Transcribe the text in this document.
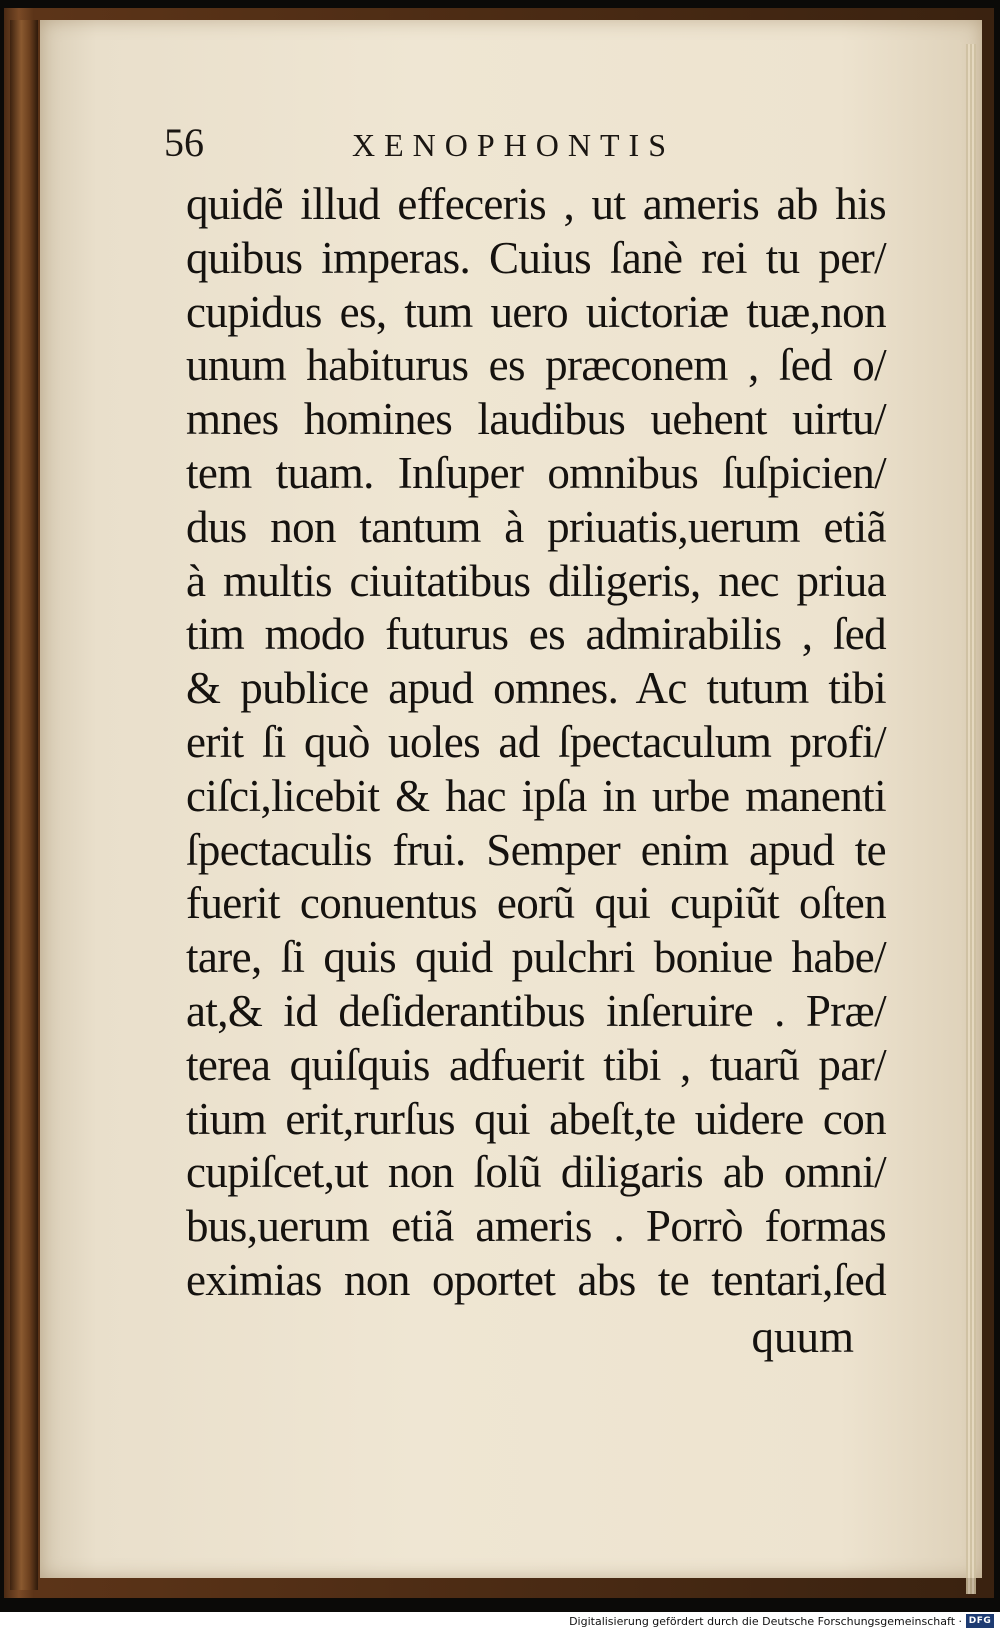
56	XENOPHONTIS
quidẽ illud effeceris , ut ameris ab his
quibus imperas. Cuius ſanè rei tu per/
cupidus es, tum uero uictoriæ tuæ,non
unum habiturus es præconem , ſed o/
mnes homines laudibus uehent uirtu/
tem tuam. Inſuper omnibus ſuſpicien/
dus non tantum à priuatis,uerum etiã
à multis ciuitatibus diligeris, nec priua
tim modo futurus es admirabilis , ſed
& publice apud omnes. Ac tutum tibi
erit ſi quò uoles ad ſpectaculum profi/
ciſci,licebit & hac ipſa in urbe manenti
ſpectaculis frui. Semper enim apud te
fuerit conuentus eorũ qui cupiũt oſten
tare, ſi quis quid pulchri boniue habe/
at,& id deſiderantibus inſeruire . Præ/
terea quiſquis adfuerit tibi , tuarũ par/
tium erit,rurſus qui abeſt,te uidere con
cupiſcet,ut non ſolũ diligaris ab omni/
bus,uerum etiã ameris . Porrò formas
eximias non oportet abs te tentari,ſed
quum
Digitalisierung gefördert durch die Deutsche Forschungsgemeinschaft · DFG
